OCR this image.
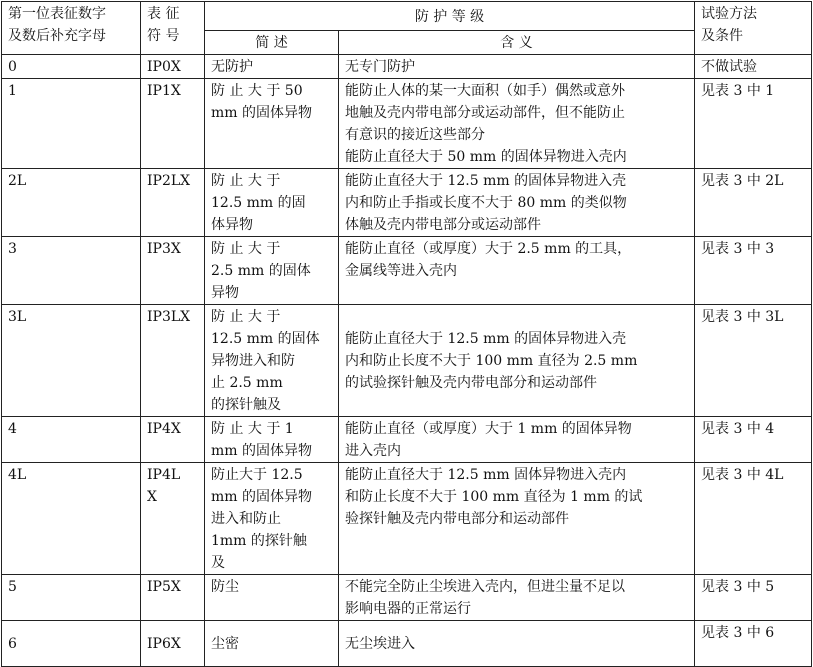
第一位表征数字
及数后补充字母	表 征
符 号	防 护 等 级		试验方法
及条件

		简 述	含 义	
0	IP0X	无防护	无专门防护	不做试验
1	IP1X	防 止 大 于 50
mm 的固体异物	能防止人体的某一大面积（如手）偶然或意外
地触及壳内带电部分或运动部件，但不能防止
有意识的接近这些部分
能防止直径大于 50 mm 的固体异物进入壳内	见表 3 中 1
2L	IP2LX	防 止 大 于
12.5 mm 的固
体异物	能防止直径大于 12.5 mm 的固体异物进入壳
内和防止手指或长度不大于 80 mm 的类似物
体触及壳内带电部分或运动部件	见表 3 中 2L
3	IP3X	防 止 大 于
2.5 mm 的固体
异物	能防止直径（或厚度）大于 2.5 mm 的工具，
金属线等进入壳内	见表 3 中 3
3L	IP3LX	防 止 大 于
12.5 mm 的固体
异物进入和防
止 2.5 mm
的探针触及	能防止直径大于 12.5 mm 的固体异物进入壳
内和防止长度不大于 100 mm 直径为 2.5 mm
的试验探针触及壳内带电部分和运动部件	见表 3 中 3L
4	IP4X	防 止 大 于 1
mm 的固体异物	能防止直径（或厚度）大于 1 mm 的固体异物
进入壳内	见表 3 中 4
4L	IP4L
X	防止大于 12.5
mm 的固体异物
进入和防止
1mm 的探针触
及	能防止直径大于 12.5 mm 固体异物进入壳内
和防止长度不大于 100 mm 直径为 1 mm 的试
验探针触及壳内带电部分和运动部件	见表 3 中 4L
5	IP5X	防尘	不能完全防止尘埃进入壳内，但进尘量不足以
影响电器的正常运行	见表 3 中 5
6	IP6X	尘密	无尘埃进入	见表 3 中 6
